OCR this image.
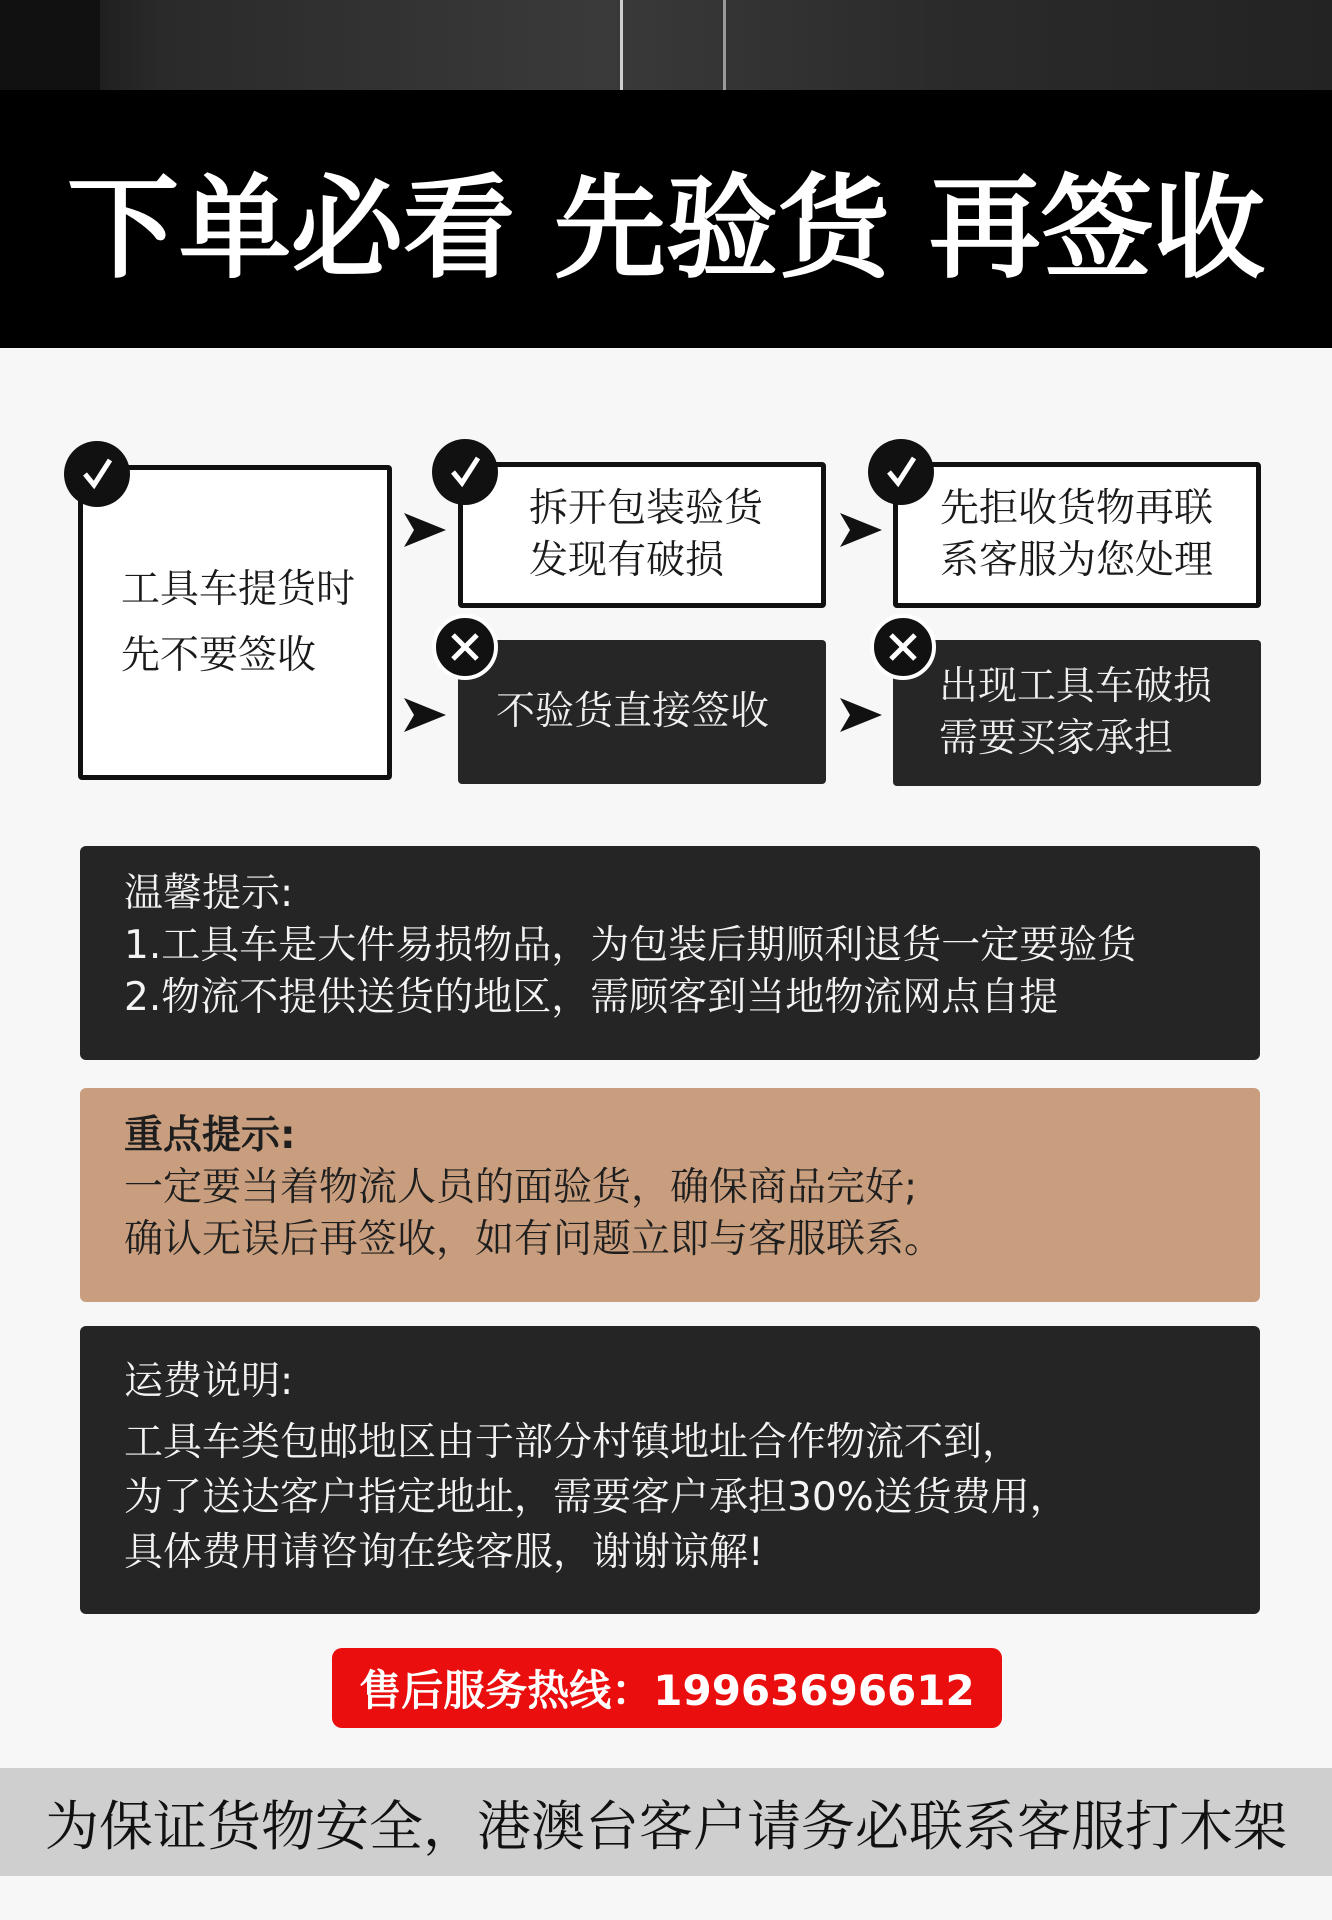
下单必看 先验货 再签收
工具车提货时
先不要签收
拆开包装验货
发现有破损
不验货直接签收
先拒收货物再联
系客服为您处理
出现工具车破损
需要买家承担
温馨提示:
1.工具车是大件易损物品，为包装后期顺利退货一定要验货
2.物流不提供送货的地区，需顾客到当地物流网点自提
重点提示:
一定要当着物流人员的面验货，确保商品完好;
确认无误后再签收，如有问题立即与客服联系。
运费说明:
工具车类包邮地区由于部分村镇地址合作物流不到，
为了送达客户指定地址，需要客户承担30%送货费用，
具体费用请咨询在线客服，谢谢谅解!
售后服务热线：19963696612
为保证货物安全，港澳台客户请务必联系客服打木架
